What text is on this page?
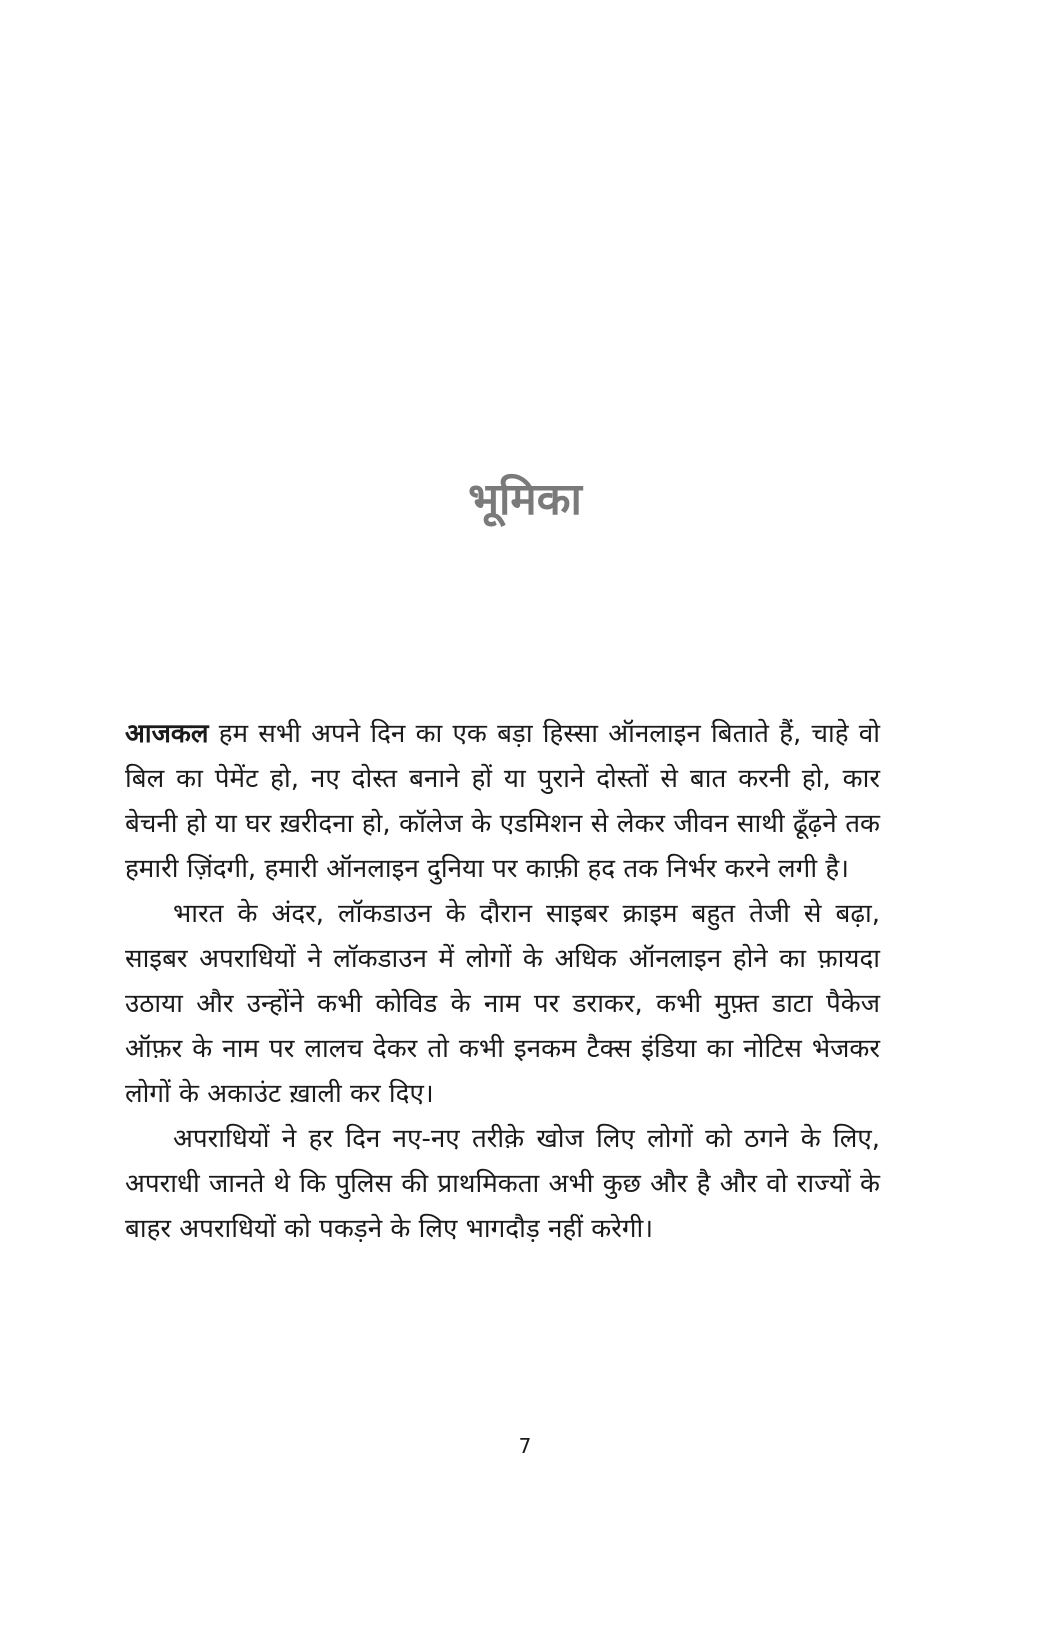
भूमिका

आजकल हम सभी अपने दिन का एक बड़ा हिस्सा ऑनलाइन बिताते हैं, चाहे वो बिल का पेमेंट हो, नए दोस्त बनाने हों या पुराने दोस्तों से बात करनी हो, कार बेचनी हो या घर ख़रीदना हो, कॉलेज के एडमिशन से लेकर जीवन साथी ढूँढ़ने तक हमारी ज़िंदगी, हमारी ऑनलाइन दुनिया पर काफ़ी हद तक निर्भर करने लगी है।

भारत के अंदर, लॉकडाउन के दौरान साइबर क्राइम बहुत तेजी से बढ़ा, साइबर अपराधियों ने लॉकडाउन में लोगों के अधिक ऑनलाइन होने का फ़ायदा उठाया और उन्होंने कभी कोविड के नाम पर डराकर, कभी मुफ़्त डाटा पैकेज ऑफ़र के नाम पर लालच देकर तो कभी इनकम टैक्स इंडिया का नोटिस भेजकर लोगों के अकाउंट ख़ाली कर दिए।

अपराधियों ने हर दिन नए-नए तरीक़े खोज लिए लोगों को ठगने के लिए, अपराधी जानते थे कि पुलिस की प्राथमिकता अभी कुछ और है और वो राज्यों के बाहर अपराधियों को पकड़ने के लिए भागदौड़ नहीं करेगी।

7
